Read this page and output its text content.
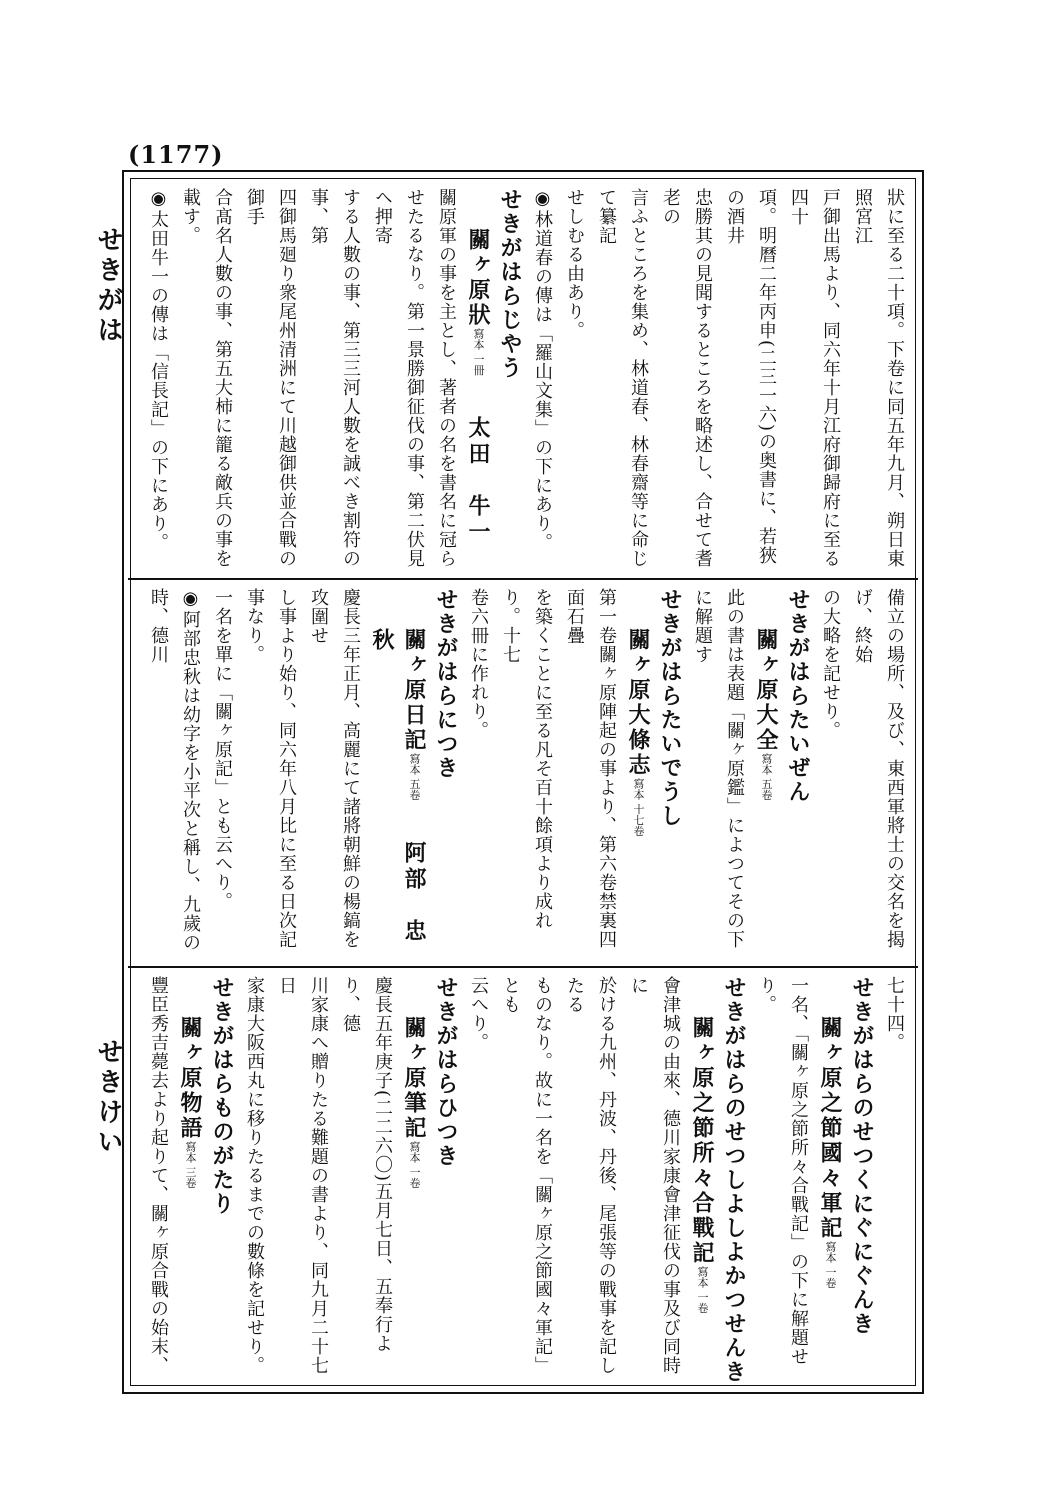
(1177)
せきがは
せきけい
狀に至る二十項。下卷に同五年九月、朔日東照宮江
戸御出馬より、同六年十月江府御歸府に至る四十
項。明曆二年丙申(二三一六)の奥書に、若狹の酒井
忠勝其の見聞するところを略述し、合せて耆老の
言ふところを集め、林道春、林春齋等に命じて纂記
せしむる由あり。
◉林道春の傳は「羅山文集」の下にあり。
せきがはらじやう
關ヶ原狀寫本 一冊太田　牛一
關原軍の事を主とし、著者の名を書名に冠ら
せたるなり。第一景勝御征伐の事、第二伏見ヘ押寄
する人數の事、第三三河人數を誠べき割符の事、第
四御馬廻り衆尾州清洲にて川越御供並合戰の御手
合髙名人數の事、第五大柿に籠る敵兵の事を載す。
◉太田牛一の傳は「信長記」の下にあり。
備立の場所、及び、東西軍將士の交名を揭げ、終始
の大略を記せり。
せきがはらたいぜん
關ヶ原大全寫本 五卷
此の書は表題「關ヶ原鑑」によつてその下に解題す
せきがはらたいでうし
關ヶ原大條志寫本 十七卷
第一卷關ヶ原陣起の事より、第六卷禁裏四面石疊
を築くことに至る凡そ百十餘項より成れり。十七
卷六冊に作れり。
せきがはらにつき
關ヶ原日記寫本 五卷阿部　忠秋
慶長三年正月、高麗にて諸將朝鮮の楊鎬を攻圍せ
し事より始り、同六年八月比に至る日次記事なり。
一名を單に「關ヶ原記」とも云へり。
◉阿部忠秋は幼字を小平次と稱し、九歲の時、德川
七十四。
せきがはらのせつくにぐにぐんき
關ヶ原之節國々軍記寫本 一卷
一名、「關ヶ原之節所々合戰記」の下に解題せり。
せきがはらのせつしよしよかつせんき
關ヶ原之節所々合戰記寫本 一卷
會津城の由來、德川家康會津征伐の事及び同時に
於ける九州、丹波、丹後、尾張等の戰事を記したる
ものなり。故に一名を「關ヶ原之節國々軍記」とも
云へり。
せきがはらひつき
關ヶ原筆記寫本 一卷
慶長五年庚子(二二六〇)五月七日、五奉行より、德
川家康へ贈りたる難題の書より、同九月二十七日
家康大阪西丸に移りたるまでの數條を記せり。
せきがはらものがたり
關ヶ原物語寫本 三卷
豐臣秀吉薨去より起りて、關ヶ原合戰の始末、
